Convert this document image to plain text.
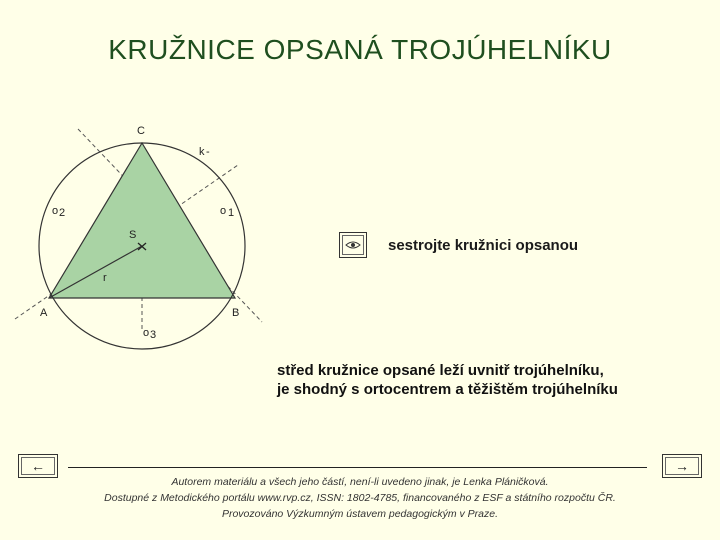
KRUŽNICE OPSANÁ TROJÚHELNÍKU
C
A	B
S
r
k -
o 1
o 2
o 3
sestrojte kružnici opsanou
střed kružnice opsané leží uvnitř trojúhelníku,
je shodný s ortocentrem a těžištěm trojúhelníku
←	→
Autorem materiálu a všech jeho částí, není-li uvedeno jinak, je Lenka Pláničková.
Dostupné z Metodického portálu www.rvp.cz, ISSN: 1802-4785, financovaného z ESF a státního rozpočtu ČR.
Provozováno Výzkumným ústavem pedagogickým v Praze.
